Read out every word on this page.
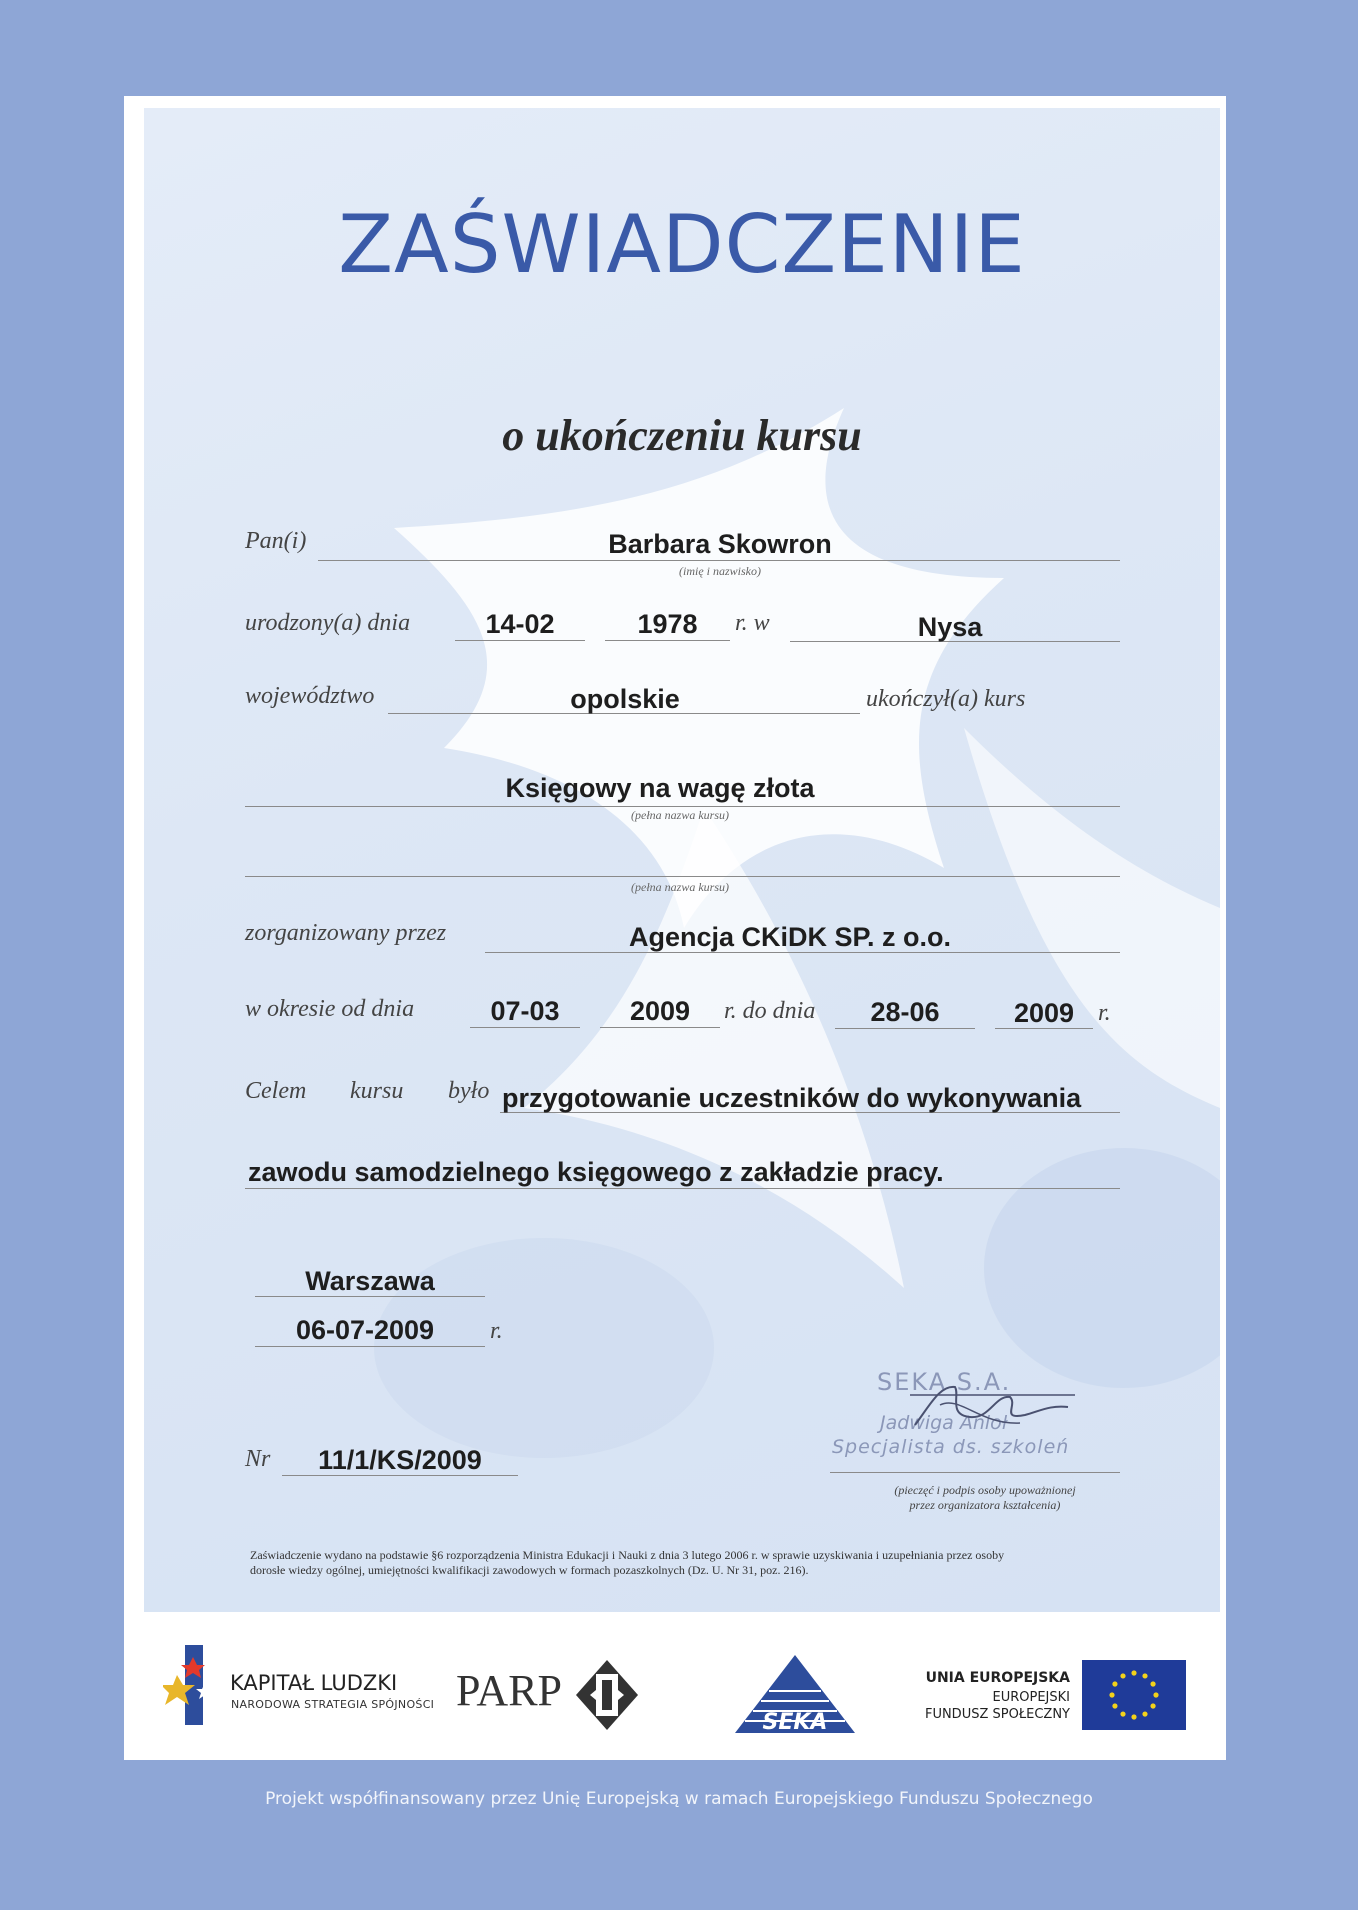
ZAŚWIADCZENIE
o ukończeniu kursu
Pan(i)	Barbara Skowron
(imię i nazwisko)
urodzony(a) dnia	14-02	1978	r. w	Nysa
województwo	opolskie	ukończył(a) kurs
Księgowy na wagę złota
(pełna nazwa kursu)
(pełna nazwa kursu)
zorganizowany przez	Agencja CKiDK SP. z o.o.
w okresie od dnia	07-03	2009	r. do dnia	28-06	2009 r.
Celem kursu było przygotowanie uczestników do wykonywania
zawodu samodzielnego księgowego z zakładzie pracy.
Warszawa
06-07-2009	r.
Nr	11/1/KS/2009
SEKA S.A.
Jadwiga Anioł
Specjalista ds. szkoleń
(pieczęć i podpis osoby upoważnionej
przez organizatora kształcenia)
Zaświadczenie wydano na podstawie §6 rozporządzenia Ministra Edukacji i Nauki z dnia 3 lutego 2006 r. w sprawie uzyskiwania i uzupełniania przez osoby
dorosłe wiedzy ogólnej, umiejętności kwalifikacji zawodowych w formach pozaszkolnych (Dz. U. Nr 31, poz. 216).
KAPITAŁ LUDZKI
NARODOWA STRATEGIA SPÓJNOŚCI PARP
SEKA
UNIA EUROPEJSKA
EUROPEJSKI
FUNDUSZ SPOŁECZNY
Projekt współfinansowany przez Unię Europejską w ramach Europejskiego Funduszu Społecznego
